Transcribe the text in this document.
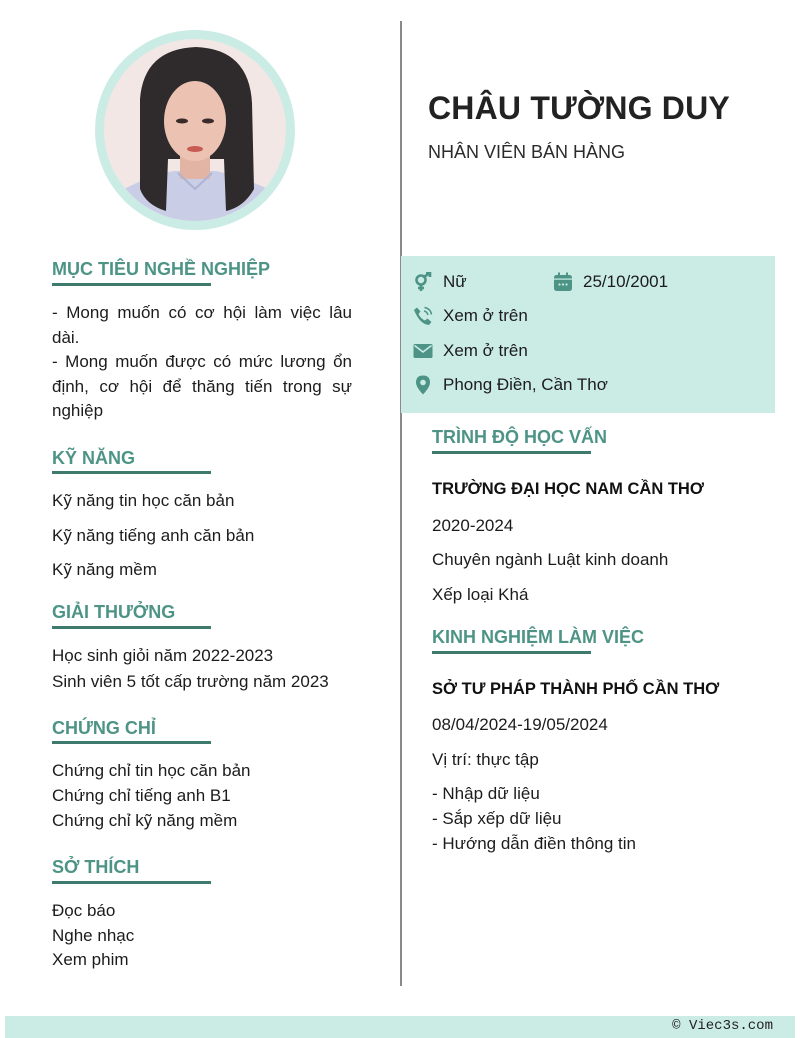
CHÂU TƯỜNG DUY
NHÂN VIÊN BÁN HÀNG
Nữ	25/10/2001
Xem ở trên
Xem ở trên
Phong Điền, Cần Thơ
MỤC TIÊU NGHỀ NGHIỆP
- Mong muốn có cơ hội làm việc lâu dài.
- Mong muốn được có mức lương ổn định, cơ hội để thăng tiến trong sự nghiệp
KỸ NĂNG
Kỹ năng tin học căn bản
Kỹ năng tiếng anh căn bản
Kỹ năng mềm
GIẢI THƯỞNG
Học sinh giỏi năm 2022-2023
Sinh viên 5 tốt cấp trường năm 2023
CHỨNG CHỈ
Chứng chỉ tin học căn bản
Chứng chỉ tiếng anh B1
Chứng chỉ kỹ năng mềm
SỞ THÍCH
Đọc báo
Nghe nhạc
Xem phim
TRÌNH ĐỘ HỌC VẤN
TRƯỜNG ĐẠI HỌC NAM CẦN THƠ
2020-2024
Chuyên ngành Luật kinh doanh
Xếp loại Khá
KINH NGHIỆM LÀM VIỆC
SỞ TƯ PHÁP THÀNH PHỐ CẦN THƠ
08/04/2024-19/05/2024
Vị trí: thực tập
- Nhập dữ liệu
- Sắp xếp dữ liệu
- Hướng dẫn điền thông tin
© Viec3s.com
